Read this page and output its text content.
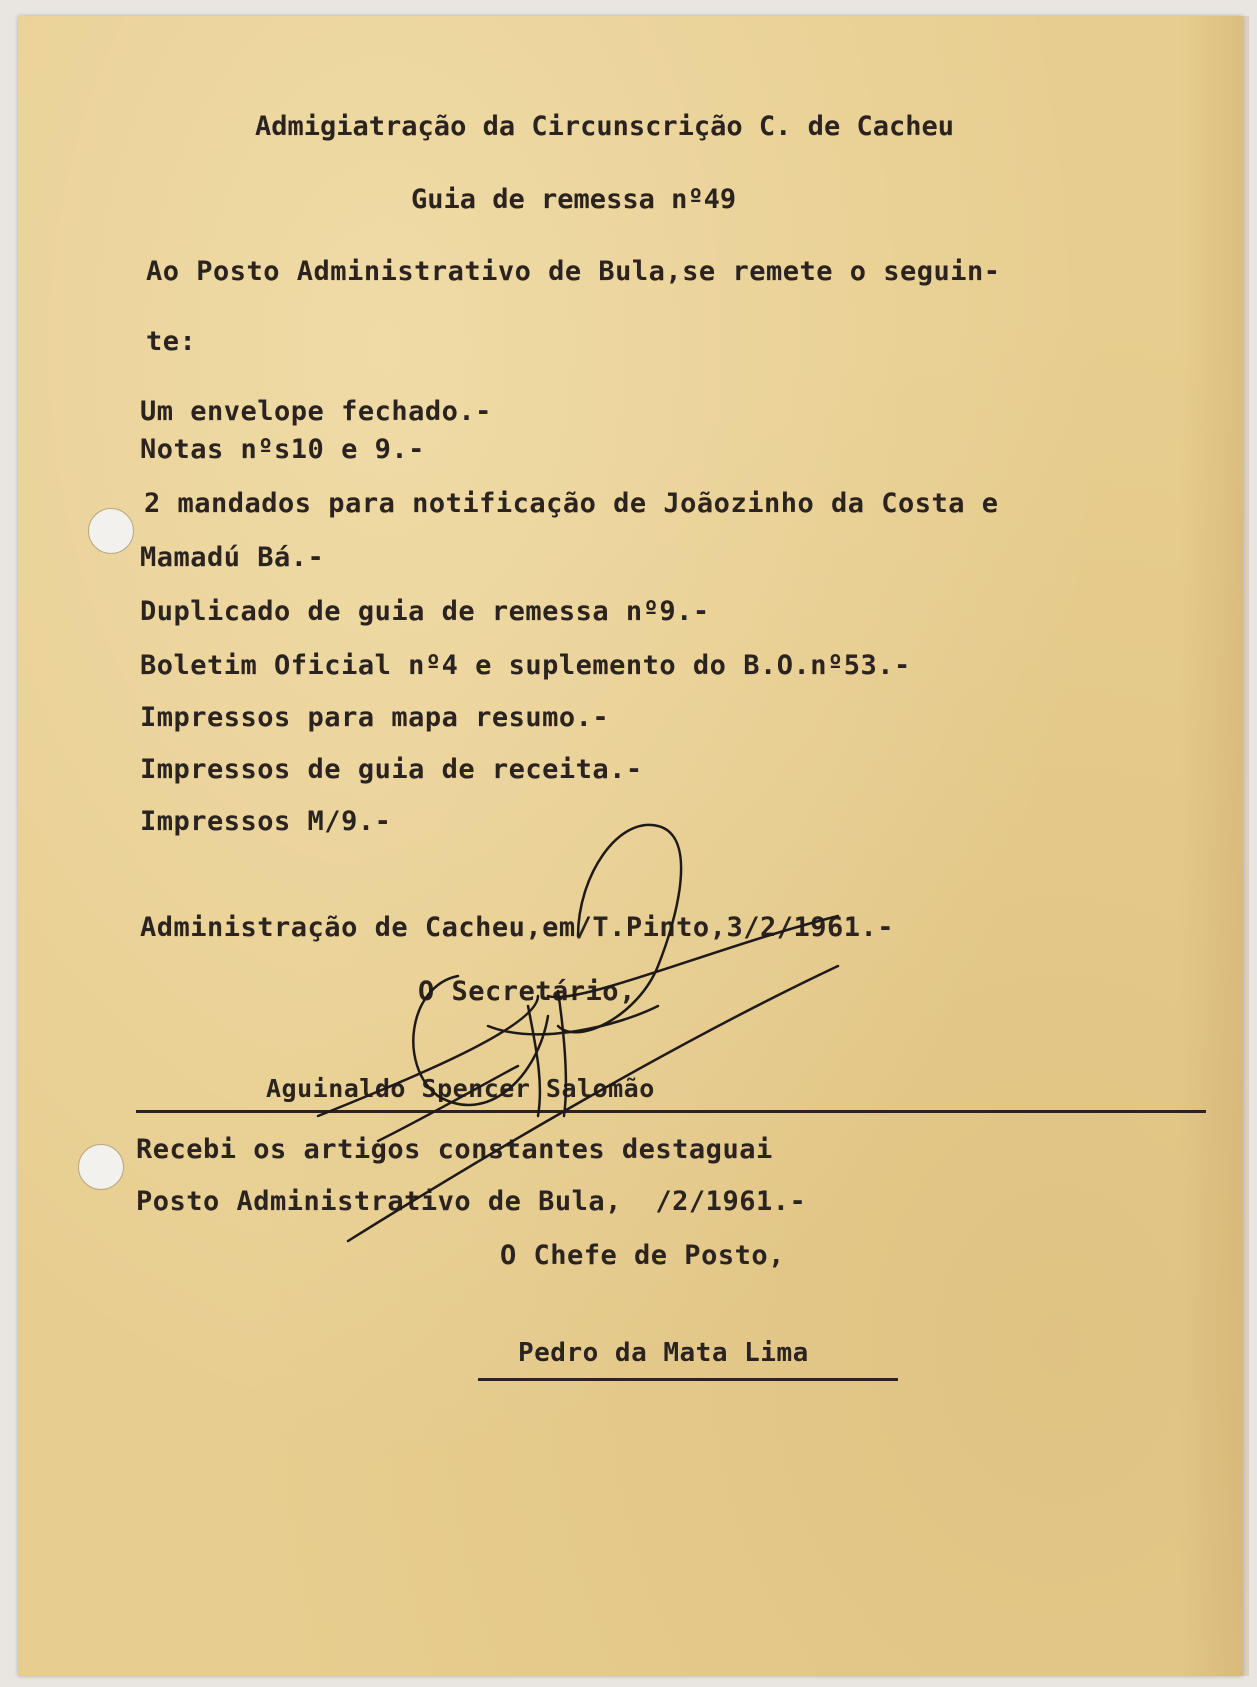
Admigiatração da Circunscrição C. de Cacheu
Guia de remessa nº49
Ao Posto Administrativo de Bula,se remete o seguin-
te:
Um envelope fechado.-
Notas nºs10 e 9.-
2 mandados para notificação de Joãozinho da Costa e
Mamadú Bá.-
Duplicado de guia de remessa nº9.-
Boletim Oficial nº4 e suplemento do B.O.nº53.-
Impressos para mapa resumo.-
Impressos de guia de receita.-
Impressos M/9.-
Administração de Cacheu,em/T.Pinto,3/2/1961.-
O Secretário,
Aguinaldo Spencer Salomão
Recebi os artigos constantes destaguai
Posto Administrativo de Bula,  /2/1961.-
O Chefe de Posto,
Pedro da Mata Lima
